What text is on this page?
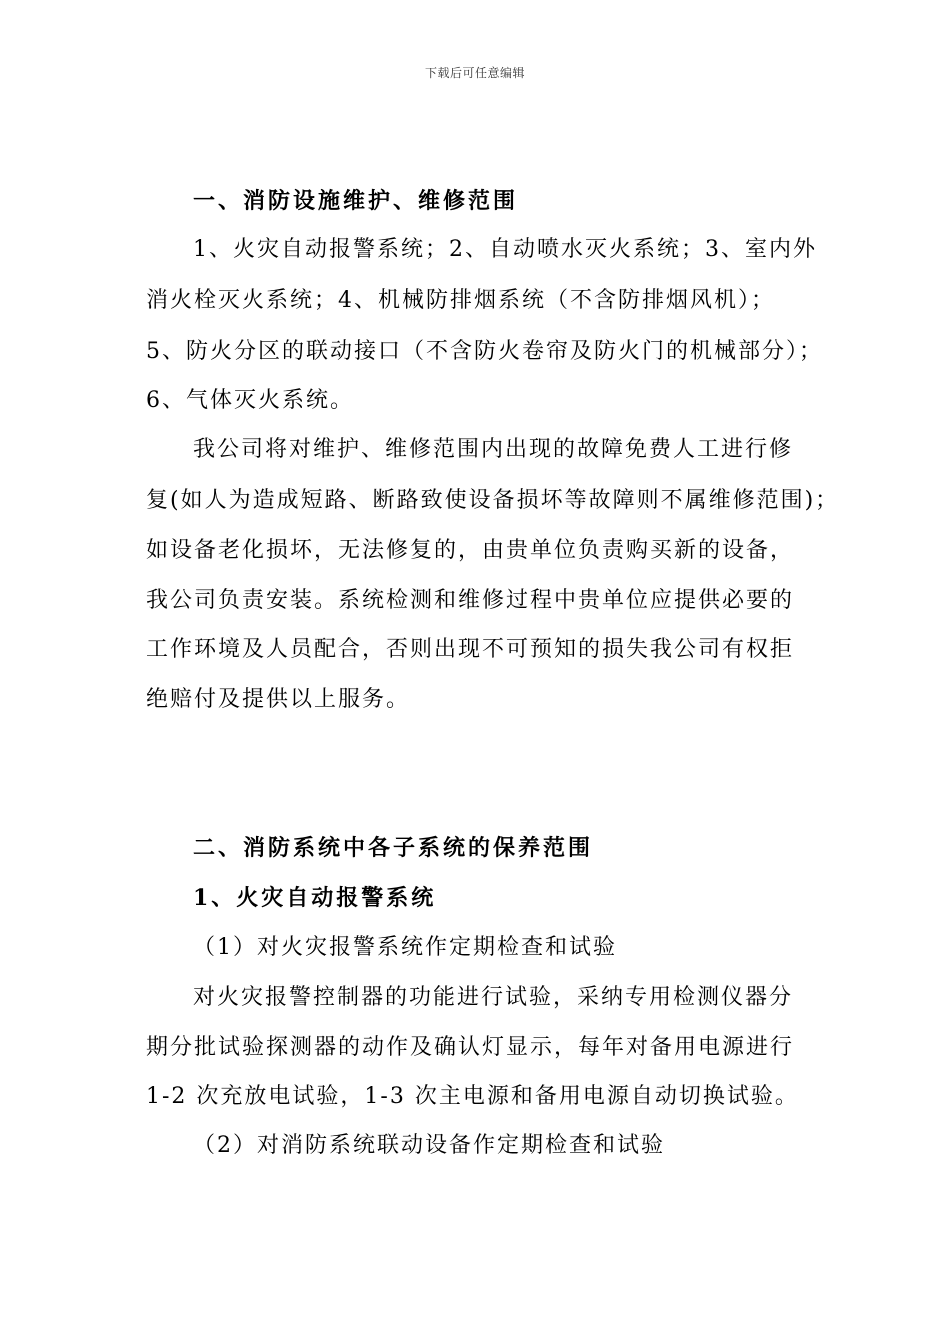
下载后可任意编辑
一、消防设施维护、维修范围
1、火灾自动报警系统；2、自动喷水灭火系统；3、室内外
消火栓灭火系统；4、机械防排烟系统（不含防排烟风机）；
5、防火分区的联动接口（不含防火卷帘及防火门的机械部分）；
6、气体灭火系统。
我公司将对维护、维修范围内出现的故障免费人工进行修
复(如人为造成短路、断路致使设备损坏等故障则不属维修范围)；
如设备老化损坏，无法修复的，由贵单位负责购买新的设备，
我公司负责安装。系统检测和维修过程中贵单位应提供必要的
工作环境及人员配合，否则出现不可预知的损失我公司有权拒
绝赔付及提供以上服务。
二、消防系统中各子系统的保养范围
1、火灾自动报警系统
（1）对火灾报警系统作定期检查和试验
对火灾报警控制器的功能进行试验，采纳专用检测仪器分
期分批试验探测器的动作及确认灯显示，每年对备用电源进行
1-2 次充放电试验，1-3 次主电源和备用电源自动切换试验。
（2）对消防系统联动设备作定期检查和试验
